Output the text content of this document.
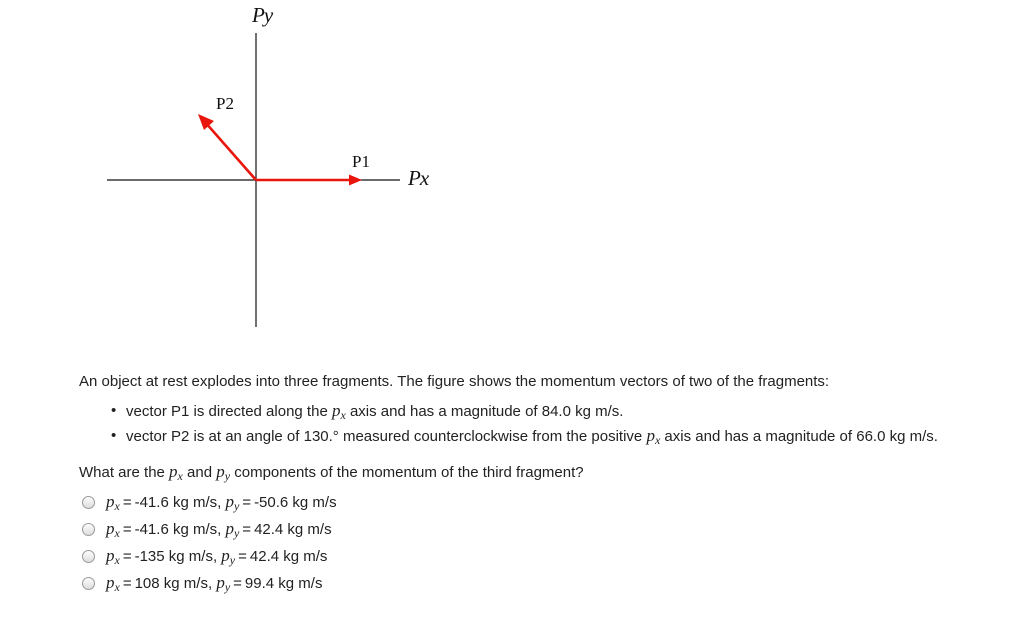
Py
Px
P2
P1

An object at rest explodes into three fragments. The figure shows the momentum vectors of two of the fragments:

• vector P1 is directed along the px axis and has a magnitude of 84.0 kg m/s.
• vector P2 is at an angle of 130.° measured counterclockwise from the positive px axis and has a magnitude of 66.0 kg m/s.

What are the px and py components of the momentum of the third fragment?

px = -41.6 kg m/s,
py = -50.6 kg m/s
px = -41.6 kg m/s,
py = 42.4 kg m/s
px = -135 kg m/s,
py = 42.4 kg m/s
px = 108 kg m/s,
py = 99.4 kg m/s
